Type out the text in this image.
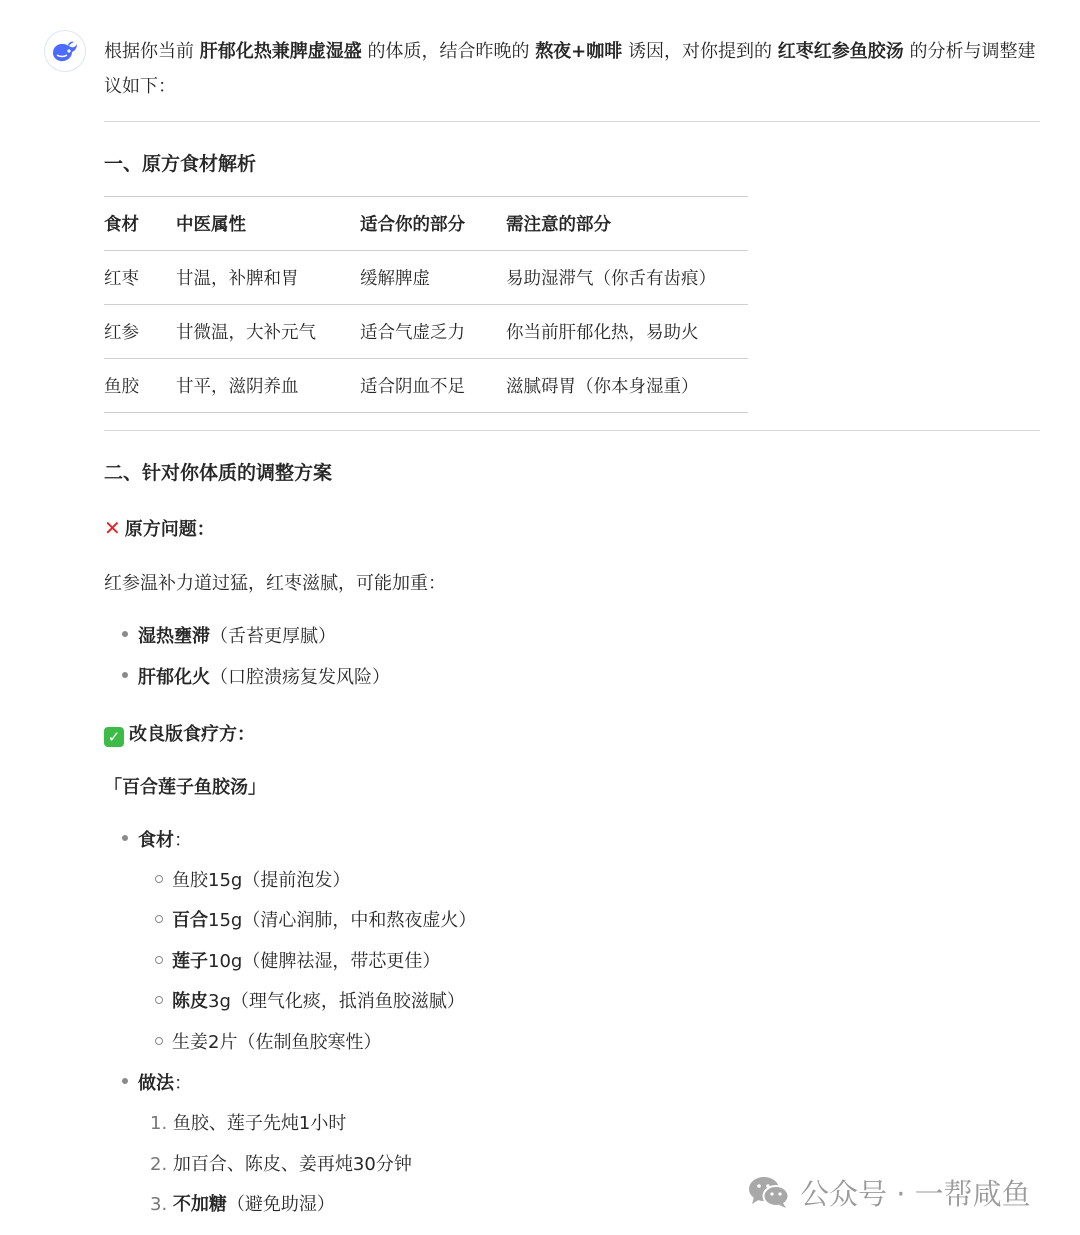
根据你当前 肝郁化热兼脾虚湿盛 的体质，结合昨晚的 熬夜+咖啡 诱因，对你提到的 红枣红参鱼胶汤 的分析与调整建议如下：

一、原方食材解析
食材	中医属性	适合你的部分	需注意的部分
红枣	甘温，补脾和胃	缓解脾虚	易助湿滞气（你舌有齿痕）
红参	甘微温，大补元气	适合气虚乏力	你当前肝郁化热，易助火
鱼胶	甘平，滋阴养血	适合阴血不足	滋腻碍胃（你本身湿重）
二、针对你体质的调整方案
✕ 原方问题：
红参温补力道过猛，红枣滋腻，可能加重：
湿热壅滞（舌苔更厚腻）
肝郁化火（口腔溃疡复发风险）
✓ 改良版食疗方：
「百合莲子鱼胶汤」
食材：
鱼胶15g（提前泡发）
百合15g（清心润肺，中和熬夜虚火）
莲子10g（健脾祛湿，带芯更佳）
陈皮3g（理气化痰，抵消鱼胶滋腻）
生姜2片（佐制鱼胶寒性）
做法：
1. 鱼胶、莲子先炖1小时
2. 加百合、陈皮、姜再炖30分钟
3. 不加糖（避免助湿）	公众号 · 一帮咸鱼
